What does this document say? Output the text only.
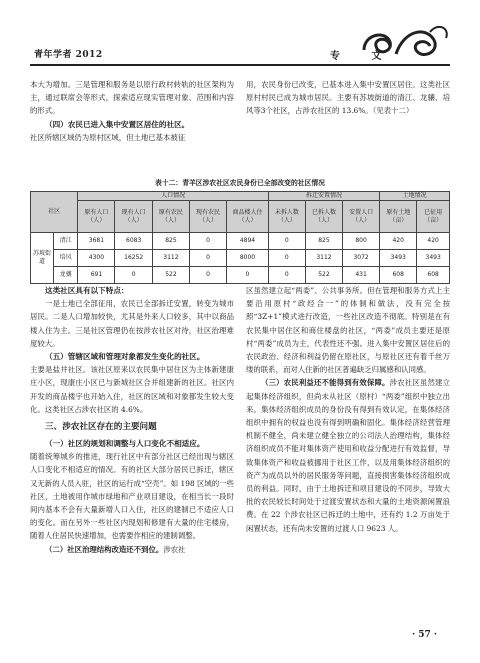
青年学者 2012	专 文

本大为增加。三是管理和服务是以原行政村转轨的社区架构为主，通过联席会等形式，探索适应现实管理对象、范围和内容的形式。

（四）农民已进入集中安置区居住的社区。

社区所辖区域仍为原村区域，但土地已基本被征

用，农民身份已改变，已基本进入集中安置区居住。这类社区原村村民已成为城市居民。主要有苏坡街道的清江、龙骧、培风等3个社区，占涉农社区的 13.6%。（见表十二）

表十二：青羊区涉农社区农民身份已全部改变的社区情况
社区		人口情况					拆迁安置情况			土地情况	
		原有人口（人）	现有人口（人）	原有农民（人）	现有农民（人）	商品楼人住（人）	未拆人数（人）	已拆人数（人）	安置人口（人）	原有土地（亩）	已征用（亩）
苏坡街道	清江	3681	6083	825	0	4894	0	825	800	420	420
	培风	4300	16252	3112	0	8000	0	3112	3072	3493	3493
	龙骧	691	0	522	0	0	0	522	431	608	608
这类社区具有以下特点：

一是土地已全部征用，农民已全部拆迁安置，转变为城市居民。二是人口增加较快，尤其是外来人口较多，其中以商品楼入住为主。三是社区管理仍在按涉农社区对待，社区治理难度较大。

（五）管辖区域和管理对象都发生变化的社区。

主要是盐井社区。该社区原来以农民集中居住区为主体新建康庄小区，现康庄小区已与新城社区合并组建新的社区。社区内开发的商品楼宇也开始入住，社区的区域和对象都发生较大变化。这类社区占涉农社区的 4.6%。

三、涉农社区存在的主要问题
（一）社区的规划和调整与人口变化不相适应。

随着统筹城乡的推进，现行社区中有部分社区已经出现与辖区人口变化不相适应的情况。有的社区大部分居民已拆迁，辖区又无新的人员入驻，社区的运行成“空壳”。如 198 区域的一些社区，土地被用作城市绿地和产业项目建设，在相当长一段时间内基本不会有大量新增人口入住，社区的建制已不适应人口的变化。而在另外一些社区内现划和修建有大量的住宅楼房，随着人住居民快速增加，也需要作相应的建制调整。

（二）社区治理结构改造还不到位。涉农社

区虽然建立起“两委”、公共事务所。但在管理和服务方式上主要沿用原村“政经合一”的体制和做法，没有完全按照“3Z+1”模式进行改造，一些社区改造不彻底。特别是在有农民集中居住区和商住楼盘的社区，“两委”成员主要还是原村“两委”成员为主，代表性还不强。进入集中安置区居住后的农民政治、经济和利益仍留在原社区，与原社区还有着千丝万缕的联系，而对人住新的社区普遍缺乏归属感和认同感。

（三）农民利益还不能得到有效保障。涉农社区虽然建立起集体经济组织，但尚未从社区（原村）“两委”组织中独立出来。集体经济组织成员的身份没有得到有效认定，在集体经济组织中拥有的权益也没有得到明确和固化。集体经济经营管理机制不健全，尚未建立健全独立的公司法人治理结构，集体经济组织成员不能对集体资产使用和收益分配进行有效监督，导致集体资产和收益被挪用于社区工作，以及用集体经济组织的资产为成员以外的居民服务等问题，直接损害集体经济组织成员的利益。同时，由于土地拆迁和项目建设的不同步，导致大批的农民较长时间处于过渡安置状态和大量的土地资源闲置浪费。在 22 个涉农社区已拆迁的土地中，还有约 1.2 万亩处于闲置状态，还有尚未安置的过渡人口 9623 人。
· 57 ·
